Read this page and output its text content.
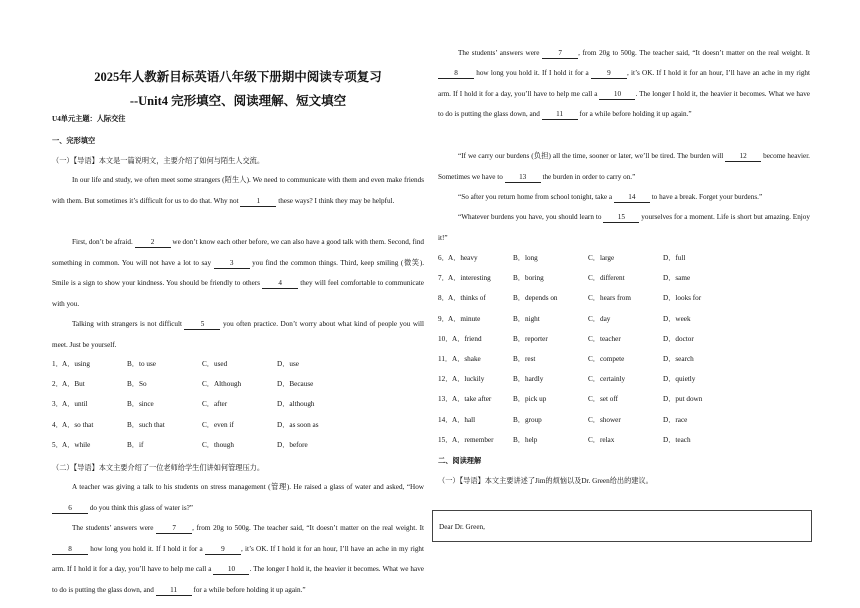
2025年人教新目标英语八年级下册期中阅读专项复习
--Unit4 完形填空、阅读理解、短文填空
U4单元主题：人际交往
一、完形填空
（一）【导语】本文是一篇说明文，主要介绍了如何与陌生人交流。
In our life and study, we often meet some strangers (陌生人). We need to communicate with them and even make friends with them. But sometimes it’s difficult for us to do that. Why not 1 these ways? I think they may be helpful.
First, don’t be afraid. 2 we don’t know each other before, we can also have a good talk with them. Second, find something in common. You will not have a lot to say 3 you find the common things. Third, keep smiling (微笑). Smile is a sign to show your kindness. You should be friendly to others 4 they will feel comfortable to communicate with you.
Talking with strangers is not difficult 5 you often practice. Don’t worry about what kind of people you will meet. Just be yourself.
1． A．using	B．to use	C．used	D．use
2． A．But	B．So	C．Although	D．Because
3． A．until	B．since	C．after	D．although
4． A．so that	B．such that	C．even if	D．as soon as
5． A．while	B．if	C．though	D．before
（二）【导语】本文主要介绍了一位老师给学生们讲如何管理压力。
A teacher was giving a talk to his students on stress management (管理). He raised a glass of water and asked, “How 6 do you think this glass of water is?”
The students’ answers were 7 , from 20g to 500g. The teacher said, “It doesn’t matter on the real weight. It 8 how long you hold it. If I hold it for a 9 , it’s OK. If I hold it for an hour, I’ll have an ache in my right arm. If I hold it for a day, you’ll have to help me call a 10 . The longer I hold it, the heavier it becomes. What we have to do is putting the glass down, and 11 for a while before holding it up again.”
The students’ answers were 7 , from 20g to 500g. The teacher said, “It doesn’t matter on the real weight. It 8 how long you hold it. If I hold it for a 9 , it’s OK. If I hold it for an hour, I’ll have an ache in my right arm. If I hold it for a day, you’ll have to help me call a 10 . The longer I hold it, the heavier it becomes. What we have to do is putting the glass down, and 11 for a while before holding it up again.”
“If we carry our burdens (负担) all the time, sooner or later, we’ll be tired. The burden will 12 become heavier. Sometimes we have to 13 the burden in order to carry on.”
“So after you return home from school tonight, take a 14 to have a break. Forget your burdens.”
“Whatever burdens you have, you should learn to 15 yourselves for a moment. Life is short but amazing. Enjoy it!”
6． A．heavy	B．long	C．large	D．full
7． A．interesting	B．boring	C．different	D．same
8． A．thinks of	B．depends on	C．hears from	D．looks for
9． A．minute	B．night	C．day	D．week
10． A．friend	B．reporter	C．teacher	D．doctor
11． A．shake	B．rest	C．compete	D．search
12． A．luckily	B．hardly	C．certainly	D．quietly
13． A．take after	B．pick up	C．set off	D．put down
14． A．hall	B．group	C．shower	D．race
15． A．remember	B．help	C．relax	D．teach
二、阅读理解
（一）【导语】本文主要讲述了Jim的烦恼以及Dr. Green给出的建议。
Dear Dr. Green,
